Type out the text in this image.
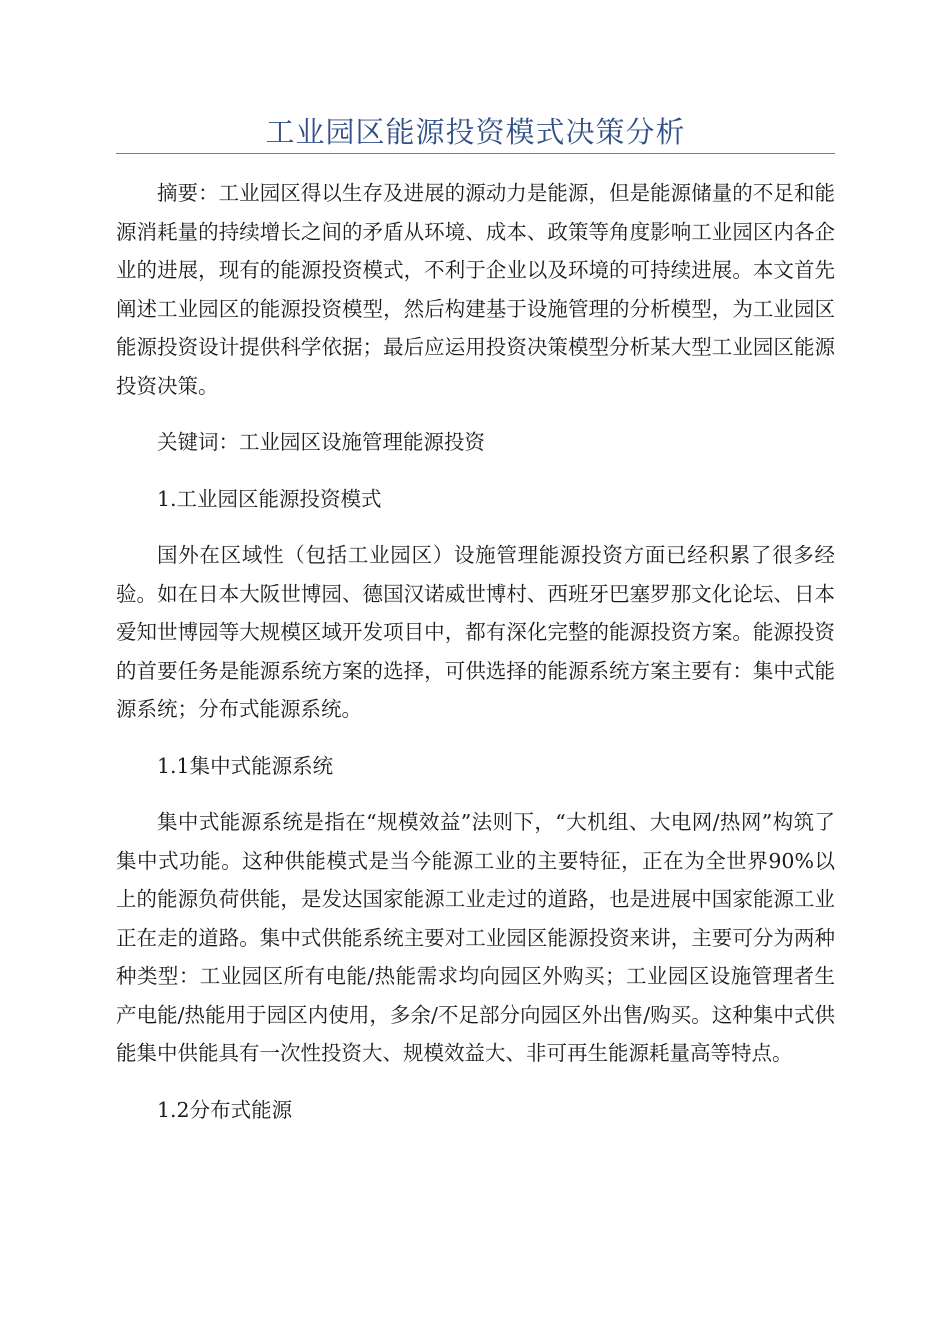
工业园区能源投资模式决策分析

摘要：工业园区得以生存及进展的源动力是能源，但是能源储量的不足和能源消耗量的持续增长之间的矛盾从环境、成本、政策等角度影响工业园区内各企业的进展，现有的能源投资模式，不利于企业以及环境的可持续进展。本文首先阐述工业园区的能源投资模型，然后构建基于设施管理的分析模型，为工业园区能源投资设计提供科学依据；最后应运用投资决策模型分析某大型工业园区能源投资决策。

关键词：工业园区设施管理能源投资

1.工业园区能源投资模式

国外在区域性（包括工业园区）设施管理能源投资方面已经积累了很多经验。如在日本大阪世博园、德国汉诺威世博村、西班牙巴塞罗那文化论坛、日本爱知世博园等大规模区域开发项目中，都有深化完整的能源投资方案。能源投资的首要任务是能源系统方案的选择，可供选择的能源系统方案主要有：集中式能源系统；分布式能源系统。

1.1集中式能源系统

集中式能源系统是指在“规模效益”法则下，“大机组、大电网/热网”构筑了集中式功能。这种供能模式是当今能源工业的主要特征，正在为全世界90%以上的能源负荷供能，是发达国家能源工业走过的道路，也是进展中国家能源工业正在走的道路。集中式供能系统主要对工业园区能源投资来讲，主要可分为两种种类型：工业园区所有电能/热能需求均向园区外购买；工业园区设施管理者生产电能/热能用于园区内使用，多余/不足部分向园区外出售/购买。这种集中式供能集中供能具有一次性投资大、规模效益大、非可再生能源耗量高等特点。

1.2分布式能源
